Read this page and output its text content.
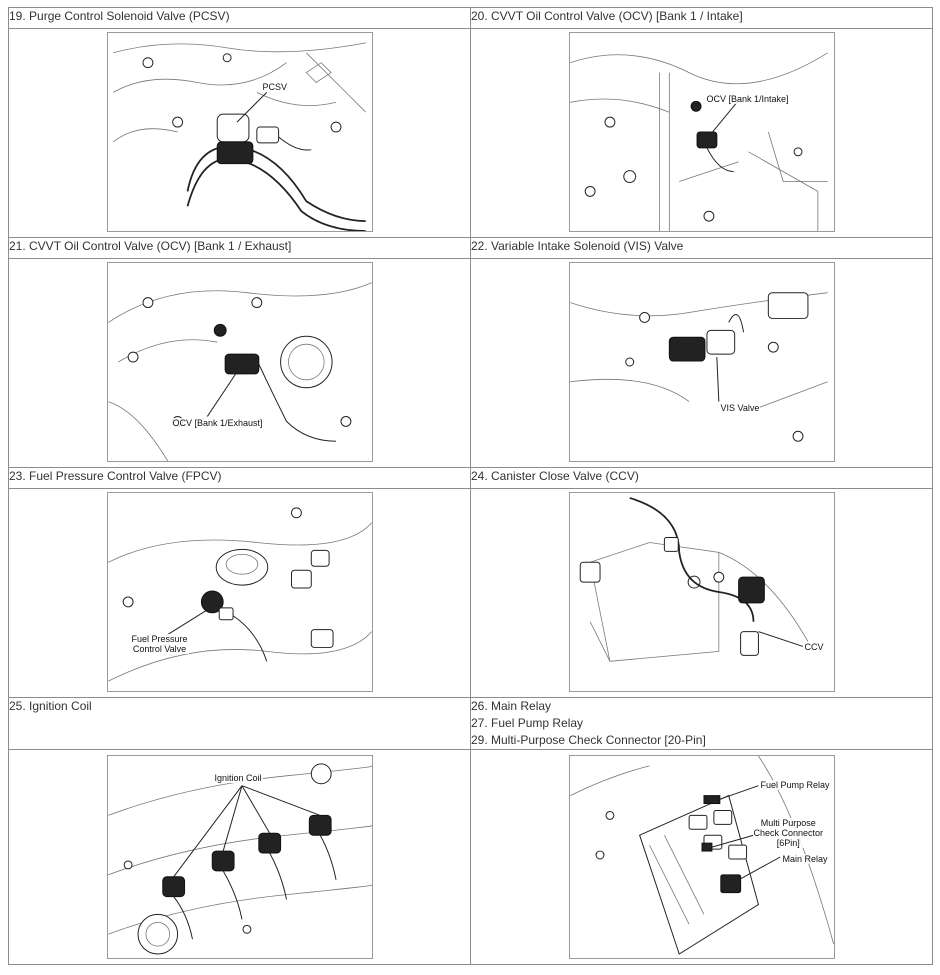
19. Purge Control Solenoid Valve (PCSV)	20. CVVT Oil Control Valve (OCV) [Bank 1 / Intake]

PCSV	OCV [Bank 1/Intake]

21. CVVT Oil Control Valve (OCV) [Bank 1 / Exhaust]	22. Variable Intake Solenoid (VIS) Valve

OCV [Bank 1/Exhaust]	VIS Valve

23. Fuel Pressure Control Valve (FPCV)	24. Canister Close Valve (CCV)

Fuel Pressure
Control Valve	CCV

25. Ignition Coil	26. Main Relay
27. Fuel Pump Relay
29. Multi-Purpose Check Connector [20-Pin]

Ignition Coil	Fuel Pump Relay
Multi Purpose
Check Connector
[6Pin]
Main Relay
